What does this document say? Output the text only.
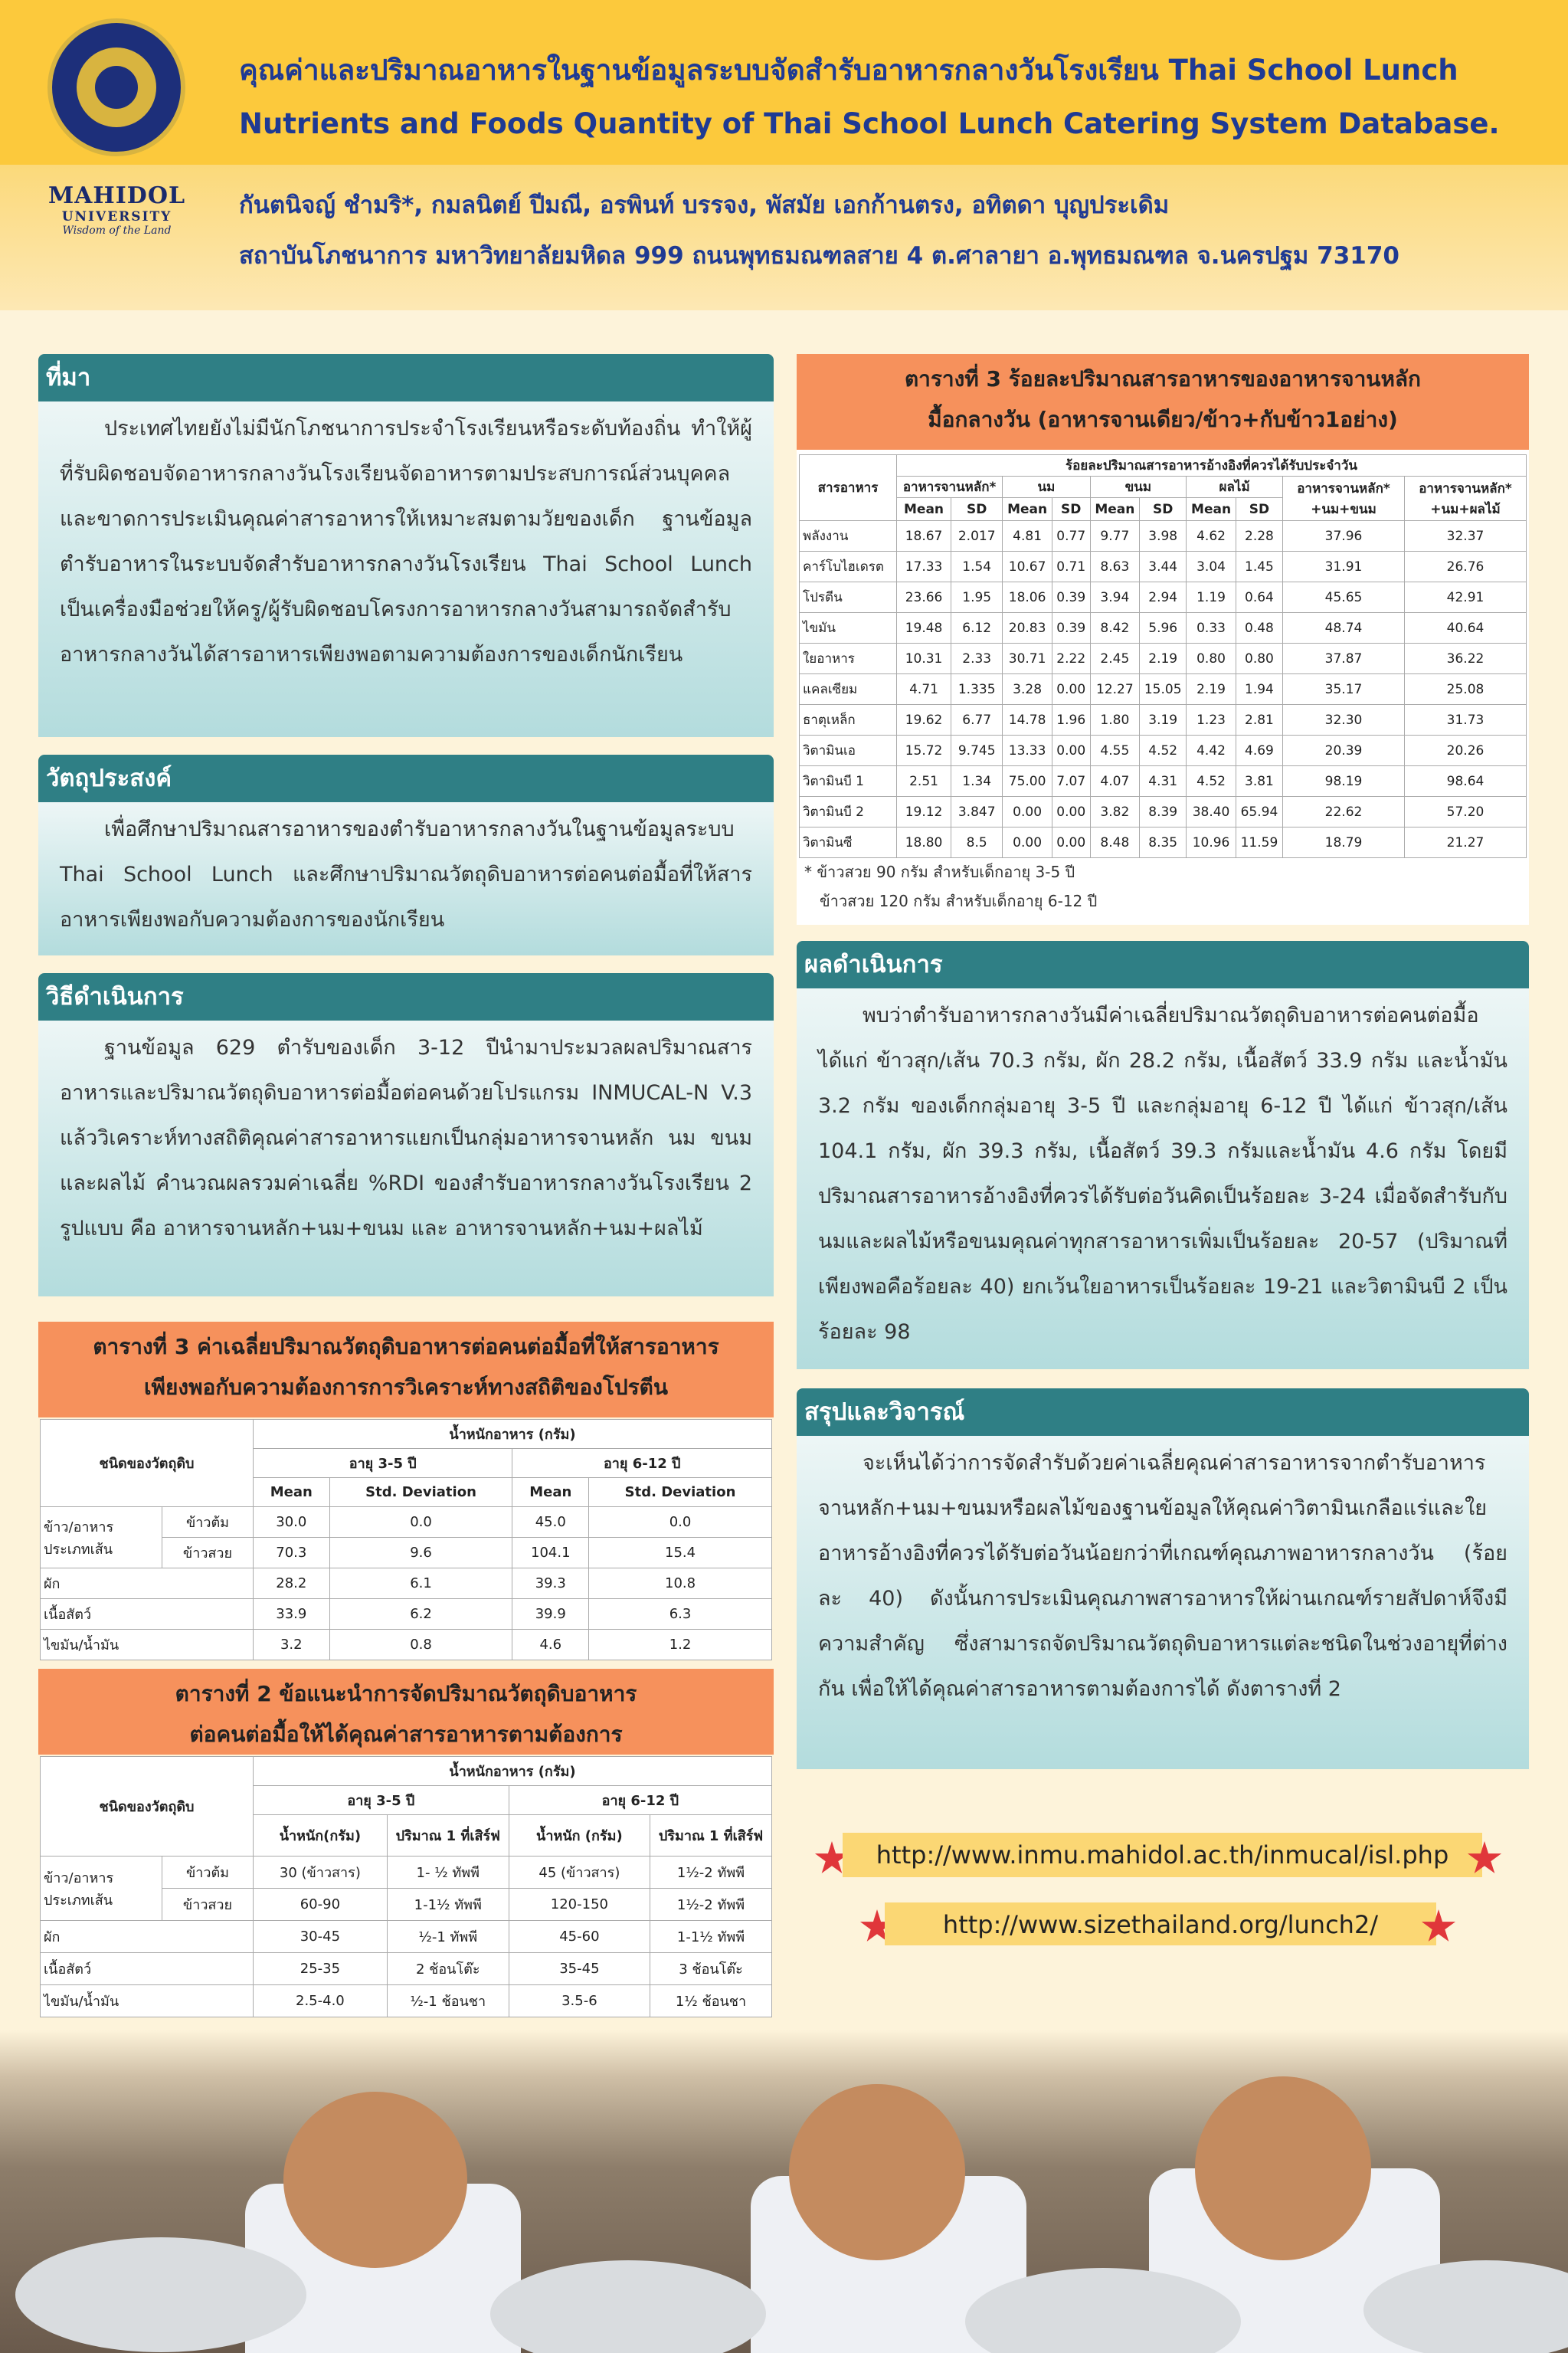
MAHIDOL
UNIVERSITY
Wisdom of the Land
คุณค่าและปริมาณอาหารในฐานข้อมูลระบบจัดสำรับอาหารกลางวันโรงเรียน Thai School Lunch
Nutrients and Foods Quantity of Thai School Lunch Catering System Database.
กันตนิจญ์ ชำมริ*, กมลนิตย์ ปีมณี, อรพินท์ บรรจง, พัสมัย เอกก้านตรง, อทิตดา บุญประเดิม
สถาบันโภชนาการ มหาวิทยาลัยมหิดล 999 ถนนพุทธมณฑลสาย 4 ต.ศาลายา อ.พุทธมณฑล จ.นครปฐม 73170
ที่มา

ประเทศไทยยังไม่มีนักโภชนาการประจำโรงเรียนหรือระดับท้องถิ่น ทำให้ผู้ที่รับผิดชอบจัดอาหารกลางวันโรงเรียนจัดอาหารตามประสบการณ์ส่วนบุคคลและขาดการประเมินคุณค่าสารอาหารให้เหมาะสมตามวัยของเด็ก ฐานข้อมูลตำรับอาหารในระบบจัดสำรับอาหารกลางวันโรงเรียน Thai School Lunch เป็นเครื่องมือช่วยให้ครู/ผู้รับผิดชอบโครงการอาหารกลางวันสามารถจัดสำรับอาหารกลางวันได้สารอาหารเพียงพอตามความต้องการของเด็กนักเรียน

วัตถุประสงค์

เพื่อศึกษาปริมาณสารอาหารของตำรับอาหารกลางวันในฐานข้อมูลระบบ Thai School Lunch และศึกษาปริมาณวัตถุดิบอาหารต่อคนต่อมื้อที่ให้สารอาหารเพียงพอกับความต้องการของนักเรียน

วิธีดำเนินการ

ฐานข้อมูล 629 ตำรับของเด็ก 3-12 ปีนำมาประมวลผลปริมาณสารอาหารและปริมาณวัตถุดิบอาหารต่อมื้อต่อคนด้วยโปรแกรม INMUCAL-N V.3 แล้ววิเคราะห์ทางสถิติคุณค่าสารอาหารแยกเป็นกลุ่มอาหารจานหลัก นม ขนม และผลไม้ คำนวณผลรวมค่าเฉลี่ย %RDI ของสำรับอาหารกลางวันโรงเรียน 2 รูปแบบ คือ อาหารจานหลัก+นม+ขนม และ อาหารจานหลัก+นม+ผลไม้

ตารางที่ 3 ค่าเฉลี่ยปริมาณวัตถุดิบอาหารต่อคนต่อมื้อที่ให้สารอาหาร
เพียงพอกับความต้องการการวิเคราะห์ทางสถิติของโปรตีน
ชนิดของวัตถุดิบ		น้ำหนักอาหาร (กรัม)			
		อายุ 3-5 ปี		อายุ 6-12 ปี	
		Mean	Std. Deviation	Mean	Std. Deviation
ข้าว/อาหารประเภทเส้น	ข้าวต้ม	30.0	0.0	45.0	0.0
	ข้าวสวย	70.3	9.6	104.1	15.4
ผัก		28.2	6.1	39.3	10.8
เนื้อสัตว์		33.9	6.2	39.9	6.3
ไขมัน/น้ำมัน		3.2	0.8	4.6	1.2
ตารางที่ 2 ข้อแนะนำการจัดปริมาณวัตถุดิบอาหาร
ต่อคนต่อมื้อให้ได้คุณค่าสารอาหารตามต้องการ
ชนิดของวัตถุดิบ		น้ำหนักอาหาร (กรัม)			
		อายุ 3-5 ปี		อายุ 6-12 ปี	
		น้ำหนัก(กรัม)	ปริมาณ 1 ที่เสิร์ฟ	น้ำหนัก (กรัม)	ปริมาณ 1 ที่เสิร์ฟ
ข้าว/อาหารประเภทเส้น	ข้าวต้ม	30 (ข้าวสาร)	1- ½ ทัพพี	45 (ข้าวสาร)	1½-2 ทัพพี
	ข้าวสวย	60-90	1-1½ ทัพพี	120-150	1½-2 ทัพพี
ผัก		30-45	½-1 ทัพพี	45-60	1-1½ ทัพพี
เนื้อสัตว์		25-35	2 ช้อนโต๊ะ	35-45	3 ช้อนโต๊ะ
ไขมัน/น้ำมัน		2.5-4.0	½-1 ช้อนชา	3.5-6	1½ ช้อนชา
ตารางที่ 3 ร้อยละปริมาณสารอาหารของอาหารจานหลัก
มื้อกลางวัน (อาหารจานเดียว/ข้าว+กับข้าว1อย่าง)
สารอาหาร	ร้อยละปริมาณสารอาหารอ้างอิงที่ควรได้รับประจำวัน									
	อาหารจานหลัก*		นม		ขนม		ผลไม้		อาหารจานหลัก* +นม+ขนม	อาหารจานหลัก* +นม+ผลไม้
	Mean	SD	Mean	SD	Mean	SD	Mean	SD		
พลังงาน	18.67	2.017	4.81	0.77	9.77	3.98	4.62	2.28	37.96	32.37
คาร์โบไฮเดรต	17.33	1.54	10.67	0.71	8.63	3.44	3.04	1.45	31.91	26.76
โปรตีน	23.66	1.95	18.06	0.39	3.94	2.94	1.19	0.64	45.65	42.91
ไขมัน	19.48	6.12	20.83	0.39	8.42	5.96	0.33	0.48	48.74	40.64
ใยอาหาร	10.31	2.33	30.71	2.22	2.45	2.19	0.80	0.80	37.87	36.22
แคลเซียม	4.71	1.335	3.28	0.00	12.27	15.05	2.19	1.94	35.17	25.08
ธาตุเหล็ก	19.62	6.77	14.78	1.96	1.80	3.19	1.23	2.81	32.30	31.73
วิตามินเอ	15.72	9.745	13.33	0.00	4.55	4.52	4.42	4.69	20.39	20.26
วิตามินบี 1	2.51	1.34	75.00	7.07	4.07	4.31	4.52	3.81	98.19	98.64
วิตามินบี 2	19.12	3.847	0.00	0.00	3.82	8.39	38.40	65.94	22.62	57.20
วิตามินซี	18.80	8.5	0.00	0.00	8.48	8.35	10.96	11.59	18.79	21.27
* ข้าวสวย 90 กรัม สำหรับเด็กอายุ 3-5 ปี
ข้าวสวย 120 กรัม สำหรับเด็กอายุ 6-12 ปี
ผลดำเนินการ

พบว่าตำรับอาหารกลางวันมีค่าเฉลี่ยปริมาณวัตถุดิบอาหารต่อคนต่อมื้อ ได้แก่ ข้าวสุก/เส้น 70.3 กรัม, ผัก 28.2 กรัม, เนื้อสัตว์ 33.9 กรัม และน้ำมัน 3.2 กรัม ของเด็กกลุ่มอายุ 3-5 ปี และกลุ่มอายุ 6-12 ปี ได้แก่ ข้าวสุก/เส้น 104.1 กรัม, ผัก 39.3 กรัม, เนื้อสัตว์ 39.3 กรัมและน้ำมัน 4.6 กรัม โดยมีปริมาณสารอาหารอ้างอิงที่ควรได้รับต่อวันคิดเป็นร้อยละ 3-24 เมื่อจัดสำรับกับนมและผลไม้หรือขนมคุณค่าทุกสารอาหารเพิ่มเป็นร้อยละ 20-57 (ปริมาณที่เพียงพอคือร้อยละ 40) ยกเว้นใยอาหารเป็นร้อยละ 19-21 และวิตามินบี 2 เป็นร้อยละ 98

สรุปและวิจารณ์

จะเห็นได้ว่าการจัดสำรับด้วยค่าเฉลี่ยคุณค่าสารอาหารจากตำรับอาหารจานหลัก+นม+ขนมหรือผลไม้ของฐานข้อมูลให้คุณค่าวิตามินเกลือแร่และใยอาหารอ้างอิงที่ควรได้รับต่อวันน้อยกว่าที่เกณฑ์คุณภาพอาหารกลางวัน (ร้อยละ 40) ดังนั้นการประเมินคุณภาพสารอาหารให้ผ่านเกณฑ์รายสัปดาห์จึงมีความสำคัญ ซึ่งสามารถจัดปริมาณวัตถุดิบอาหารแต่ละชนิดในช่วงอายุที่ต่างกัน เพื่อให้ได้คุณค่าสารอาหารตามต้องการได้ ดังตารางที่ 2

http://www.inmu.mahidol.ac.th/inmucal/isl.php
http://www.sizethailand.org/lunch2/
